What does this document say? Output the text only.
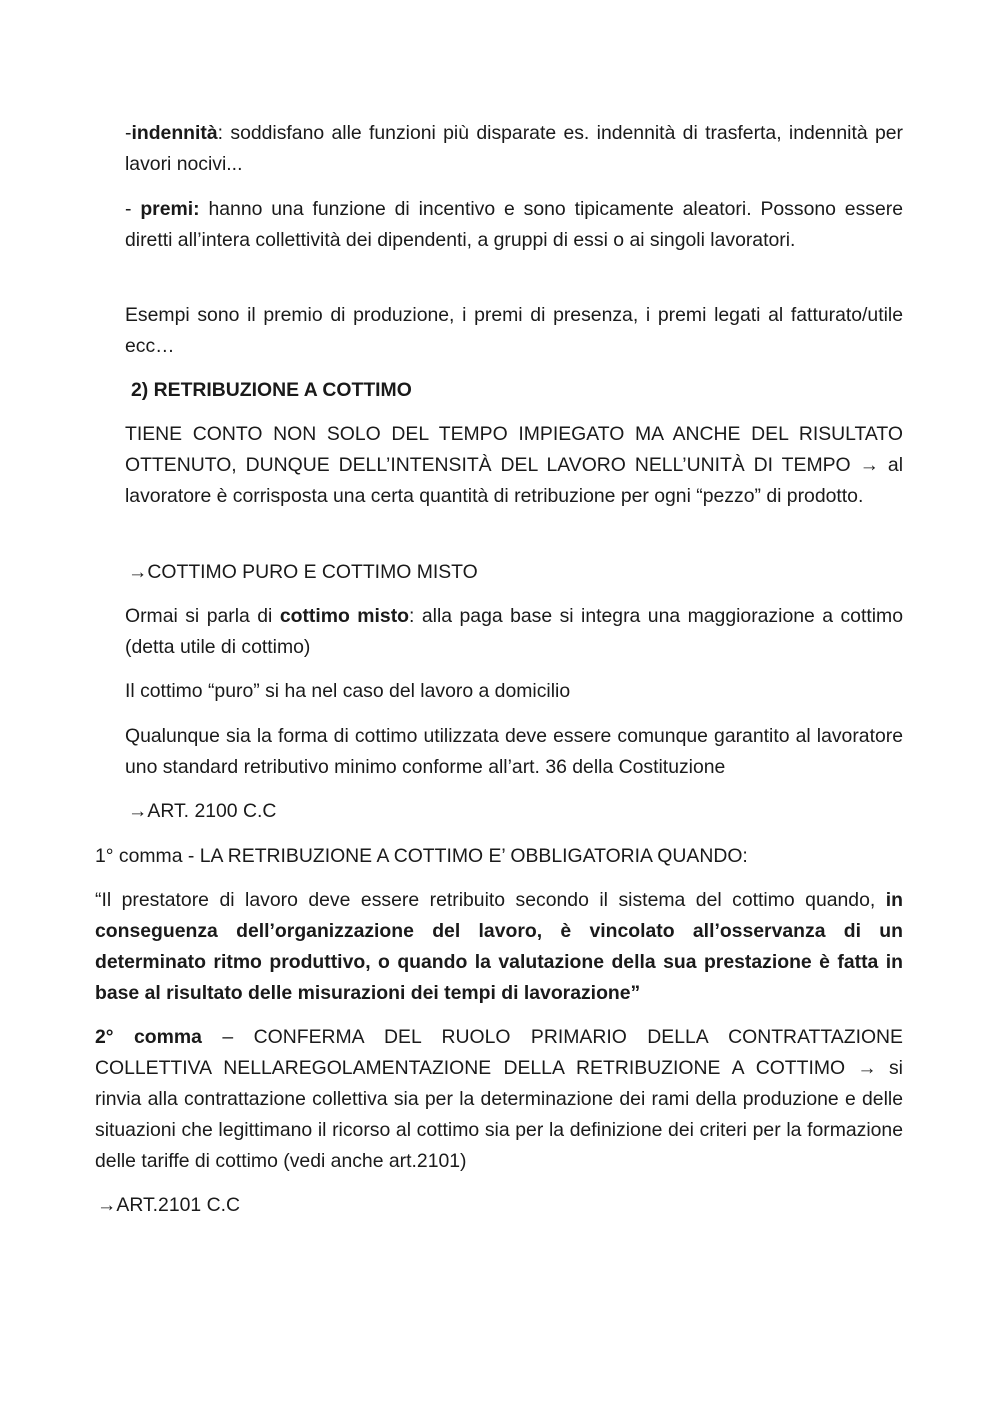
-indennità: soddisfano alle funzioni più disparate es. indennità di trasferta, indennità per lavori nocivi...

- premi: hanno una funzione di incentivo e sono tipicamente aleatori. Possono essere diretti all’intera collettività dei dipendenti, a gruppi di essi o ai singoli lavoratori.

Esempi sono il premio di produzione, i premi di presenza, i premi legati al fatturato/utile ecc…

2) RETRIBUZIONE A COTTIMO

TIENE CONTO NON SOLO DEL TEMPO IMPIEGATO MA ANCHE DEL RISULTATO OTTENUTO, DUNQUE DELL’INTENSITÀ DEL LAVORO NELL’UNITÀ DI TEMPO → al lavoratore è corrisposta una certa quantità di retribuzione per ogni “pezzo” di prodotto.

→COTTIMO PURO E COTTIMO MISTO

Ormai si parla di cottimo misto: alla paga base si integra una maggiorazione a cottimo (detta utile di cottimo)

Il cottimo “puro” si ha nel caso del lavoro a domicilio

Qualunque sia la forma di cottimo utilizzata deve essere comunque garantito al lavoratore uno standard retributivo minimo conforme all’art. 36 della Costituzione

→ART. 2100 C.C

1° comma - LA RETRIBUZIONE A COTTIMO E’ OBBLIGATORIA QUANDO:

“Il prestatore di lavoro deve essere retribuito secondo il sistema del cottimo quando, in conseguenza dell’organizzazione del lavoro, è vincolato all’osservanza di un determinato ritmo produttivo, o quando la valutazione della sua prestazione è fatta in base al risultato delle misurazioni dei tempi di lavorazione”

2° comma – CONFERMA DEL RUOLO PRIMARIO DELLA CONTRATTAZIONE COLLETTIVA NELLAREGOLAMENTAZIONE DELLA RETRIBUZIONE A COTTIMO → si rinvia alla contrattazione collettiva sia per la determinazione dei rami della produzione e delle situazioni che legittimano il ricorso al cottimo sia per la definizione dei criteri per la formazione delle tariffe di cottimo (vedi anche art.2101)

→ART.2101 C.C
